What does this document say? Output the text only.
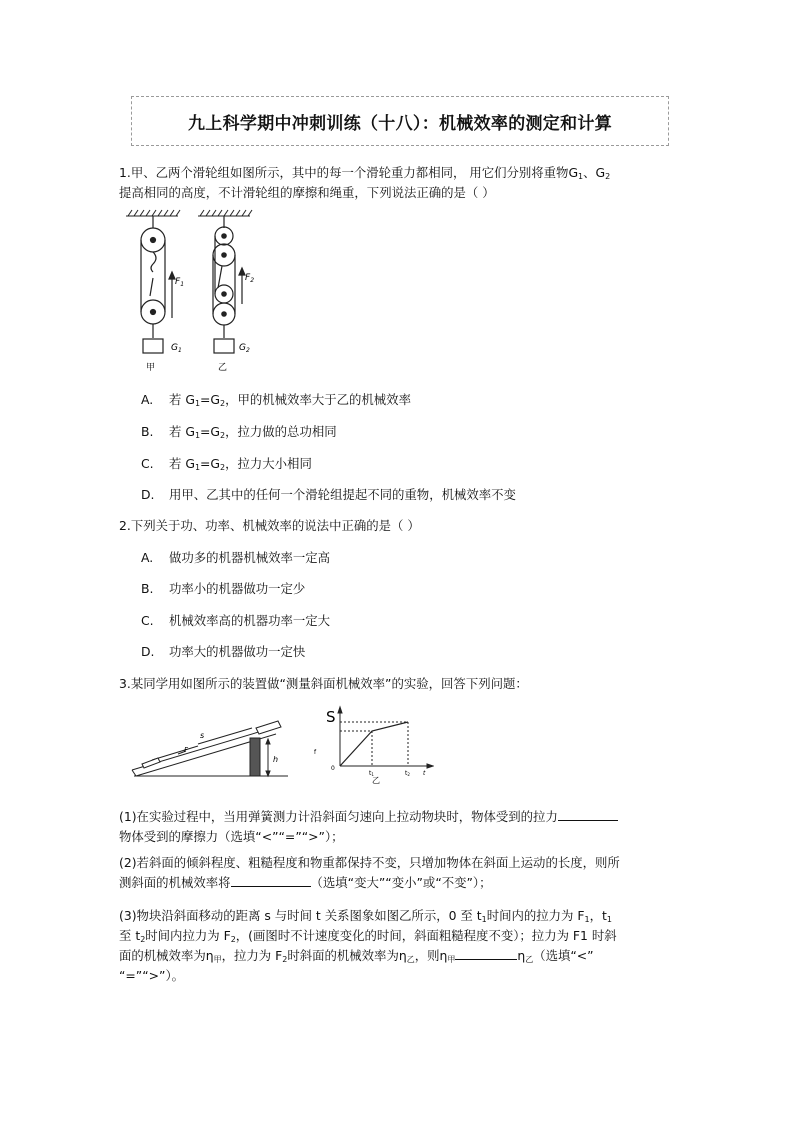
九上科学期中冲刺训练（十八）：机械效率的测定和计算
1.甲、乙两个滑轮组如图所示，其中的每一个滑轮重力都相同， 用它们分别将重物$G_1$、$G_2$
提高相同的高度，不计滑轮组的摩擦和绳重，下列说法正确的是（ ）
$F_1$
$F_2$
$G_1$	$G_2$
甲	乙
A. 若 $G_1=G_2$，甲的机械效率大于乙的机械效率
B. 若 $G_1=G_2$，拉力做的总功相同
C. 若 $G_1=G_2$，拉力大小相同
D. 用甲、乙其中的任何一个滑轮组提起不同的重物，机械效率不变
2.下列关于功、功率、机械效率的说法中正确的是（ ）
A. 做功多的机器机械效率一定高
B. 功率小的机器做功一定少
C. 机械效率高的机器功率一定大
D. 功率大的机器做功一定快
3.某同学用如图所示的装置做“测量斜面机械效率”的实验，回答下列问题：
s
F
h
S
f
0
t1	t2 t
乙
(1)在实验过程中，当用弹簧测力计沿斜面匀速向上拉动物块时，物体受到的拉力
物体受到的摩擦力（选填“<”“=”“>”）；
(2)若斜面的倾斜程度、粗糙程度和物重都保持不变，只增加物体在斜面上运动的长度，则所
测斜面的机械效率将	（选填“变大”“变小”或“不变”）；
(3)物块沿斜面移动的距离 s 与时间 t 关系图象如图乙所示，0 至 $t_1$时间内的拉力为 $F_1$，$t_1$
至 $t_2$时间内拉力为 $F_2$，(画图时不计速度变化的时间，斜面粗糙程度不变）；拉力为 F1 时斜
面的机械效率为$\eta_甲$，拉力为 $F_2$时斜面的机械效率为$\eta_乙$，则$\eta_甲$	$\eta_乙$（选填“<”
“=”“>”）。
